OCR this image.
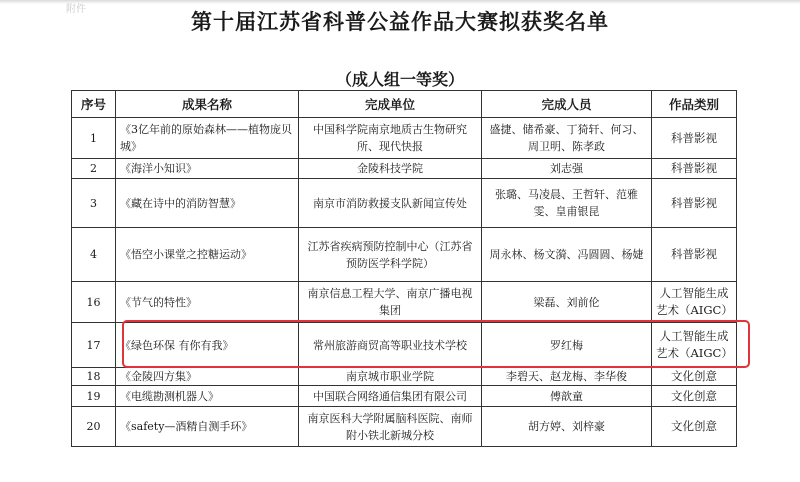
附件	第十届江苏省科普公益作品大赛拟获奖名单
（成人组一等奖）
序号	成果名称	完成单位	完成人员	作品类别
1	《3亿年前的原始森林——植物庞贝城》	中国科学院南京地质古生物研究所、现代快报	盛捷、储希豪、丁猗轩、何习、周卫明、陈孝政	科普影视
2	《海洋小知识》	金陵科技学院	刘志强	科普影视
3	《藏在诗中的消防智慧》	南京市消防救援支队新闻宣传处	张璐、马凌晨、王哲轩、范雅雯、皇甫银昆	科普影视
4	《悟空小课堂之控糖运动》	江苏省疾病预防控制中心（江苏省预防医学科学院）	周永林、杨文漪、冯圆圆、杨婕	科普影视
16	《节气的特性》	南京信息工程大学、南京广播电视集团	梁磊、刘前伦	人工智能生成艺术（AIGC）
17	《绿色环保 有你有我》	常州旅游商贸高等职业技术学校	罗红梅	人工智能生成艺术（AIGC）
18	《金陵四方集》	南京城市职业学院	李碧天、赵龙梅、李华俊	文化创意
19	《电缆勘测机器人》	中国联合网络通信集团有限公司	傅歆童	文化创意
20	《safety—酒精自测手环》	南京医科大学附属脑科医院、南师附小铁北新城分校	胡方婷、刘梓豪	文化创意
